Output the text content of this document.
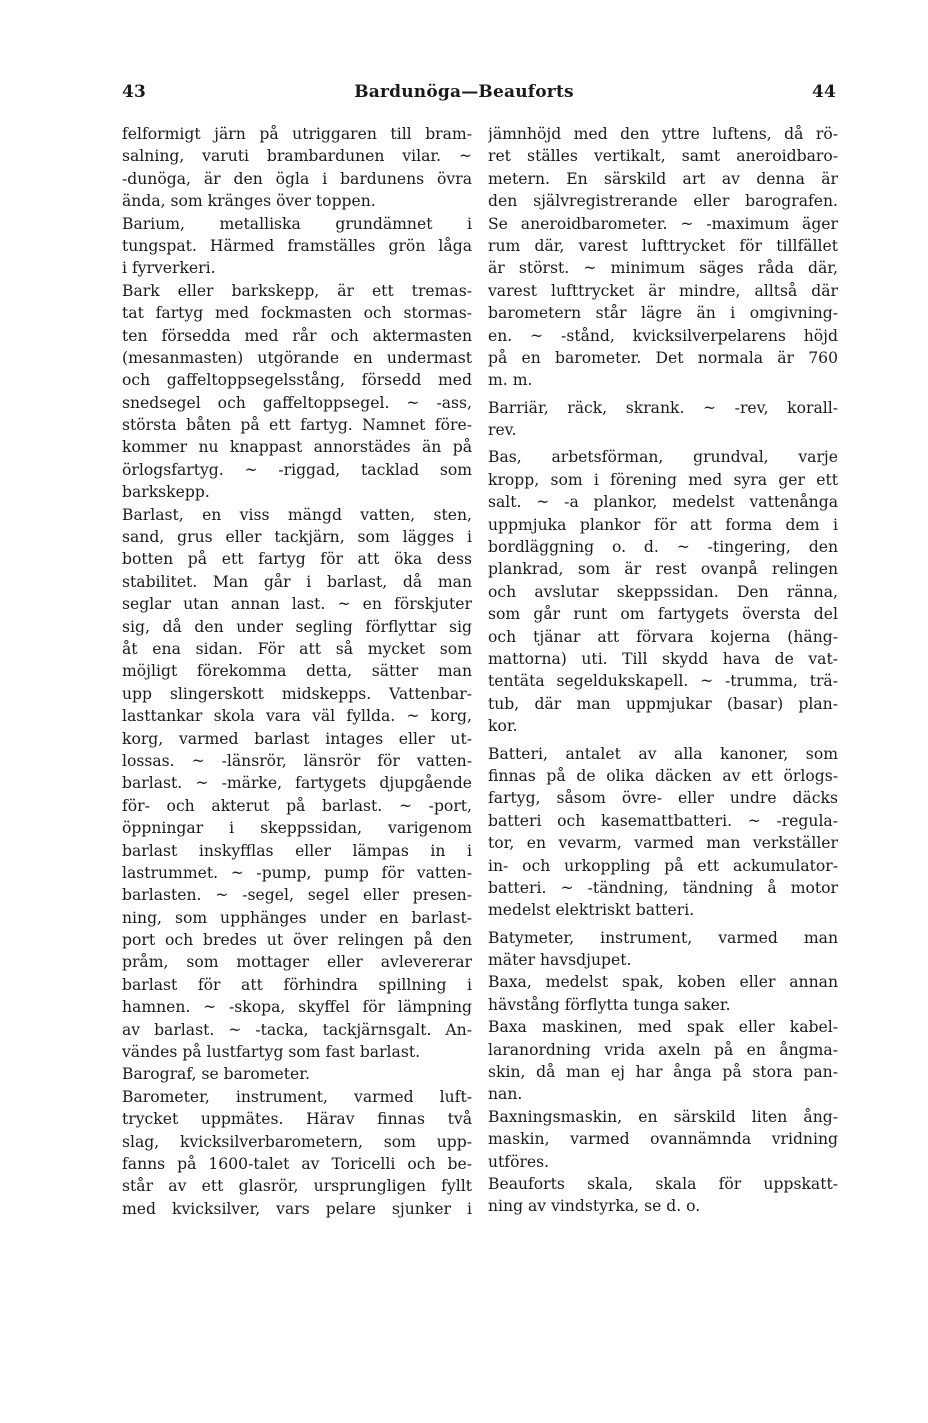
43	Bardunöga—Beauforts	44
felformigt järn på utriggaren till bram-
salning, varuti brambardunen vilar. ~
-dunöga, är den ögla i bardunens övra
ända, som kränges över toppen.
Barium, metalliska grundämnet i
tungspat. Härmed framställes grön låga
i fyrverkeri.
Bark eller barkskepp, är ett tremas-
tat fartyg med fockmasten och stormas-
ten försedda med rår och aktermasten
(mesanmasten) utgörande en undermast
och gaffeltoppsegelsstång, försedd med
snedsegel och gaffeltoppsegel. ~ -ass,
största båten på ett fartyg. Namnet före-
kommer nu knappast annorstädes än på
örlogsfartyg. ~ -riggad, tacklad som
barkskepp.
Barlast, en viss mängd vatten, sten,
sand, grus eller tackjärn, som lägges i
botten på ett fartyg för att öka dess
stabilitet. Man går i barlast, då man
seglar utan annan last. ~ en förskjuter
sig, då den under segling förflyttar sig
åt ena sidan. För att så mycket som
möjligt förekomma detta, sätter man
upp slingerskott midskepps. Vattenbar-
lasttankar skola vara väl fyllda. ~ korg,
korg, varmed barlast intages eller ut-
lossas. ~ -länsrör, länsrör för vatten-
barlast. ~ -märke, fartygets djupgående
för- och akterut på barlast. ~ -port,
öppningar i skeppssidan, varigenom
barlast inskyfflas eller lämpas in i
lastrummet. ~ -pump, pump för vatten-
barlasten. ~ -segel, segel eller presen-
ning, som upphänges under en barlast-
port och bredes ut över relingen på den
pråm, som mottager eller avlevererar
barlast för att förhindra spillning i
hamnen. ~ -skopa, skyffel för lämpning
av barlast. ~ -tacka, tackjärnsgalt. An-
vändes på lustfartyg som fast barlast.
Barograf, se barometer.
Barometer, instrument, varmed luft-
trycket uppmätes. Härav finnas två
slag, kvicksilverbarometern, som upp-
fanns på 1600-talet av Toricelli och be-
står av ett glasrör, ursprungligen fyllt
med kvicksilver, vars pelare sjunker i
jämnhöjd med den yttre luftens, då rö-
ret ställes vertikalt, samt aneroidbaro-
metern. En särskild art av denna är
den självregistrerande eller barografen.
Se aneroidbarometer. ~ -maximum äger
rum där, varest lufttrycket för tillfället
är störst. ~ minimum säges råda där,
varest lufttrycket är mindre, alltså där
barometern står lägre än i omgivning-
en. ~ -stånd, kvicksilverpelarens höjd
på en barometer. Det normala är 760
m. m.
Barriär, räck, skrank. ~ -rev, korall-
rev.
Bas, arbetsförman, grundval, varje
kropp, som i förening med syra ger ett
salt. ~ -a plankor, medelst vattenånga
uppmjuka plankor för att forma dem i
bordläggning o. d. ~ -tingering, den
plankrad, som är rest ovanpå relingen
och avslutar skeppssidan. Den ränna,
som går runt om fartygets översta del
och tjänar att förvara kojerna (häng-
mattorna) uti. Till skydd hava de vat-
tentäta segeldukskapell. ~ -trumma, trä-
tub, där man uppmjukar (basar) plan-
kor.
Batteri, antalet av alla kanoner, som
finnas på de olika däcken av ett örlogs-
fartyg, såsom övre- eller undre däcks
batteri och kasemattbatteri. ~ -regula-
tor, en vevarm, varmed man verkställer
in- och urkoppling på ett ackumulator-
batteri. ~ -tändning, tändning å motor
medelst elektriskt batteri.
Batymeter, instrument, varmed man
mäter havsdjupet.
Baxa, medelst spak, koben eller annan
hävstång förflytta tunga saker.
Baxa maskinen, med spak eller kabel-
laranordning vrida axeln på en ångma-
skin, då man ej har ånga på stora pan-
nan.
Baxningsmaskin, en särskild liten ång-
maskin, varmed ovannämnda vridning
utföres.
Beauforts skala, skala för uppskatt-
ning av vindstyrka, se d. o.
